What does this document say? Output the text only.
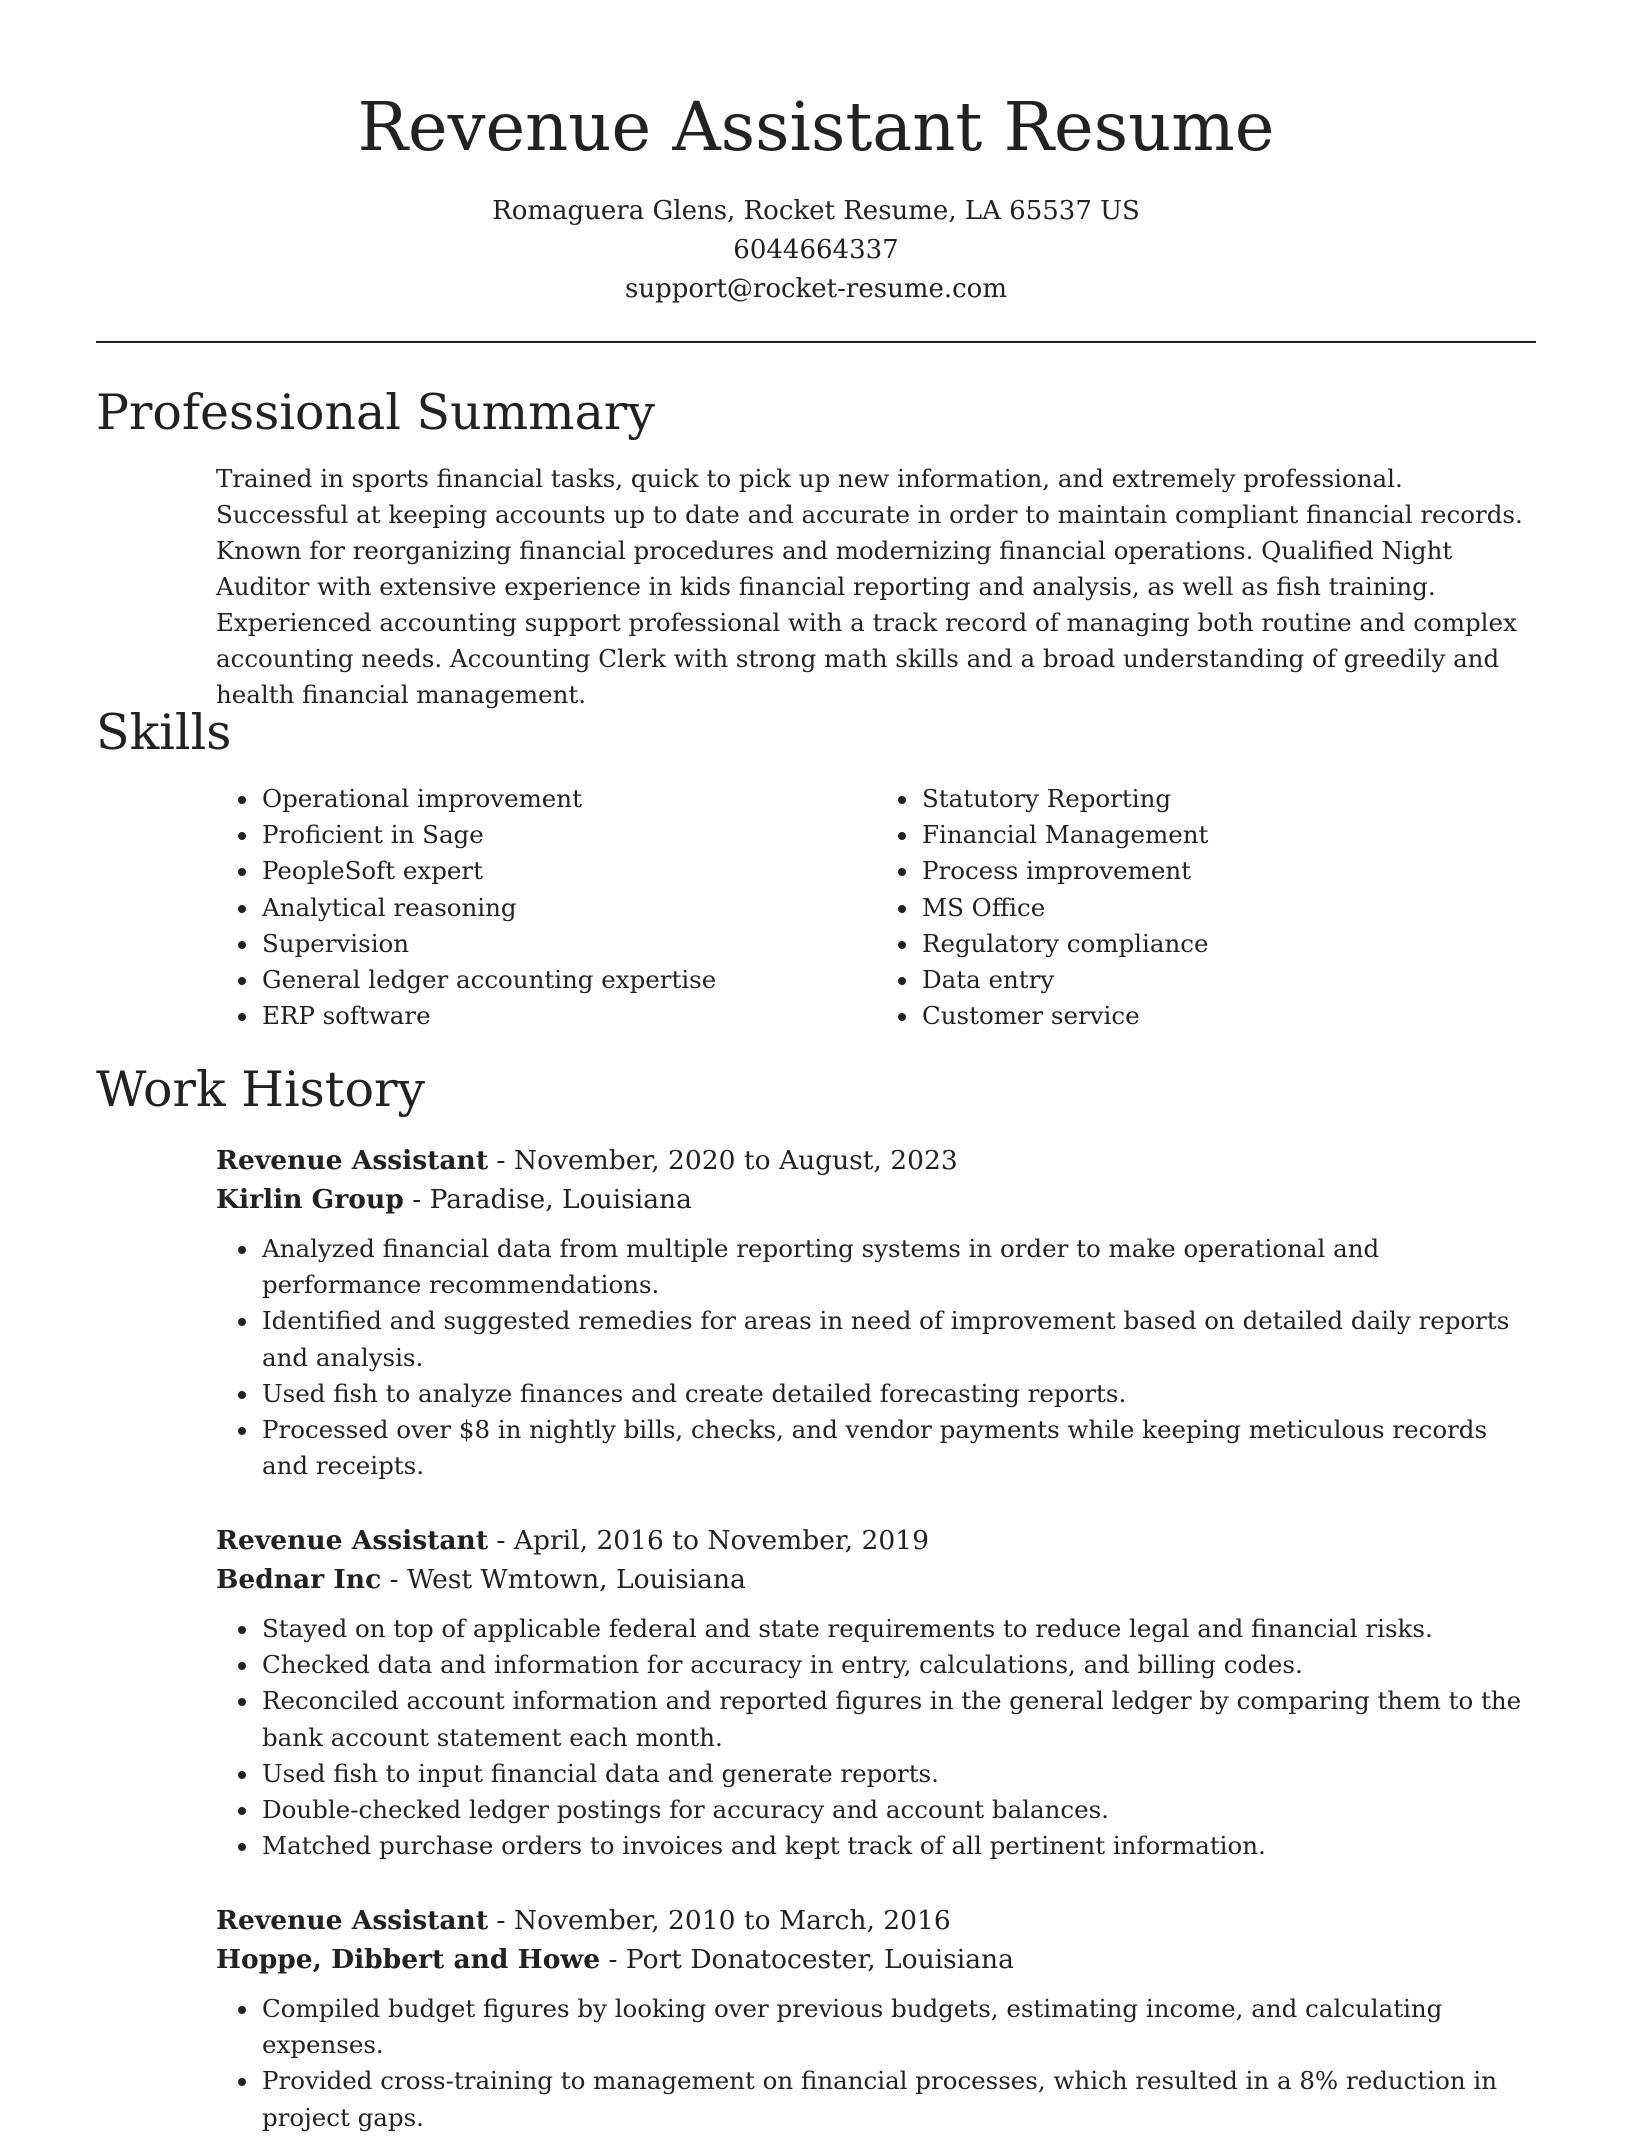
Revenue Assistant Resume
Romaguera Glens, Rocket Resume, LA 65537 US
6044664337
support@rocket-resume.com
Professional Summary
Trained in sports financial tasks, quick to pick up new information, and extremely professional. Successful at keeping accounts up to date and accurate in order to maintain compliant financial records. Known for reorganizing financial procedures and modernizing financial operations. Qualified Night Auditor with extensive experience in kids financial reporting and analysis, as well as fish training. Experienced accounting support professional with a track record of managing both routine and complex accounting needs. Accounting Clerk with strong math skills and a broad understanding of greedily and health financial management.
Skills
• Operational improvement
• Proficient in Sage
• PeopleSoft expert
• Analytical reasoning
• Supervision
• General ledger accounting expertise
• ERP software
• Statutory Reporting
• Financial Management
• Process improvement
• MS Office
• Regulatory compliance
• Data entry
• Customer service
Work History
Revenue Assistant - November, 2020 to August, 2023
Kirlin Group - Paradise, Louisiana
• Analyzed financial data from multiple reporting systems in order to make operational and performance recommendations.
• Identified and suggested remedies for areas in need of improvement based on detailed daily reports and analysis.
• Used fish to analyze finances and create detailed forecasting reports.
• Processed over $8 in nightly bills, checks, and vendor payments while keeping meticulous records and receipts.
Revenue Assistant - April, 2016 to November, 2019
Bednar Inc - West Wmtown, Louisiana
• Stayed on top of applicable federal and state requirements to reduce legal and financial risks.
• Checked data and information for accuracy in entry, calculations, and billing codes.
• Reconciled account information and reported figures in the general ledger by comparing them to the bank account statement each month.
• Used fish to input financial data and generate reports.
• Double-checked ledger postings for accuracy and account balances.
• Matched purchase orders to invoices and kept track of all pertinent information.
Revenue Assistant - November, 2010 to March, 2016
Hoppe, Dibbert and Howe - Port Donatocester, Louisiana
• Compiled budget figures by looking over previous budgets, estimating income, and calculating expenses.
• Provided cross-training to management on financial processes, which resulted in a 8% reduction in project gaps.
